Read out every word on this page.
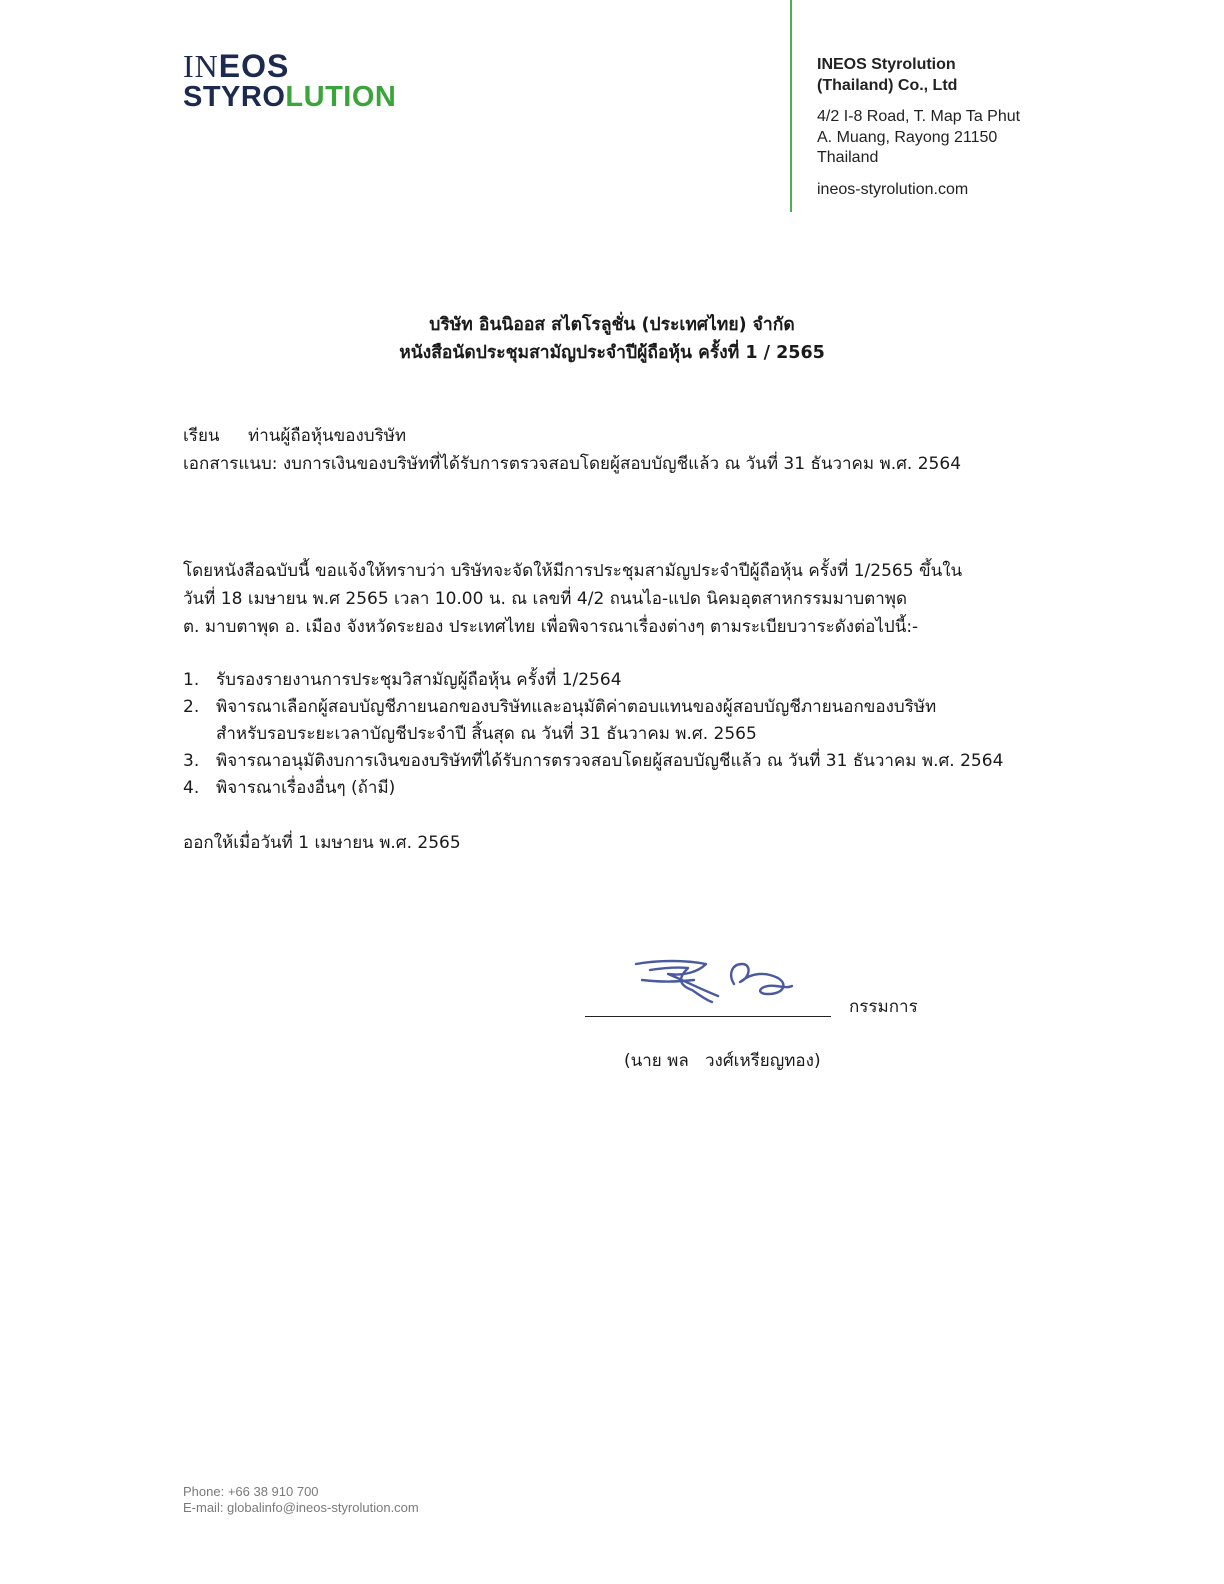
INEOS
STYROLUTION
INEOS Styrolution
(Thailand) Co., Ltd
4/2 I-8 Road, T. Map Ta Phut
A. Muang, Rayong 21150
Thailand
ineos-styrolution.com
บริษัท อินนิออส สไตโรลูชั่น (ประเทศไทย) จำกัด
หนังสือนัดประชุมสามัญประจำปีผู้ถือหุ้น ครั้งที่ 1 / 2565
เรียน ท่านผู้ถือหุ้นของบริษัท
เอกสารแนบ: งบการเงินของบริษัทที่ได้รับการตรวจสอบโดยผู้สอบบัญชีแล้ว ณ วันที่ 31 ธันวาคม พ.ศ. 2564
โดยหนังสือฉบับนี้ ขอแจ้งให้ทราบว่า บริษัทจะจัดให้มีการประชุมสามัญประจำปีผู้ถือหุ้น ครั้งที่ 1/2565 ขึ้นใน
วันที่ 18 เมษายน พ.ศ 2565 เวลา 10.00 น. ณ เลขที่ 4/2 ถนนไอ-แปด นิคมอุตสาหกรรมมาบตาพุด
ต. มาบตาพุด อ. เมือง จังหวัดระยอง ประเทศไทย เพื่อพิจารณาเรื่องต่างๆ ตามระเบียบวาระดังต่อไปนี้:-
1. รับรองรายงานการประชุมวิสามัญผู้ถือหุ้น ครั้งที่ 1/2564
2. พิจารณาเลือกผู้สอบบัญชีภายนอกของบริษัทและอนุมัติค่าตอบแทนของผู้สอบบัญชีภายนอกของบริษัท
สำหรับรอบระยะเวลาบัญชีประจำปี สิ้นสุด ณ วันที่ 31 ธันวาคม พ.ศ. 2565
3. พิจารณาอนุมัติงบการเงินของบริษัทที่ได้รับการตรวจสอบโดยผู้สอบบัญชีแล้ว ณ วันที่ 31 ธันวาคม พ.ศ. 2564
4. พิจารณาเรื่องอื่นๆ (ถ้ามี)
ออกให้เมื่อวันที่ 1 เมษายน พ.ศ. 2565
กรรมการ
(นาย พล   วงศ์เหรียญทอง)
Phone: +66 38 910 700
E-mail: globalinfo@ineos-styrolution.com
